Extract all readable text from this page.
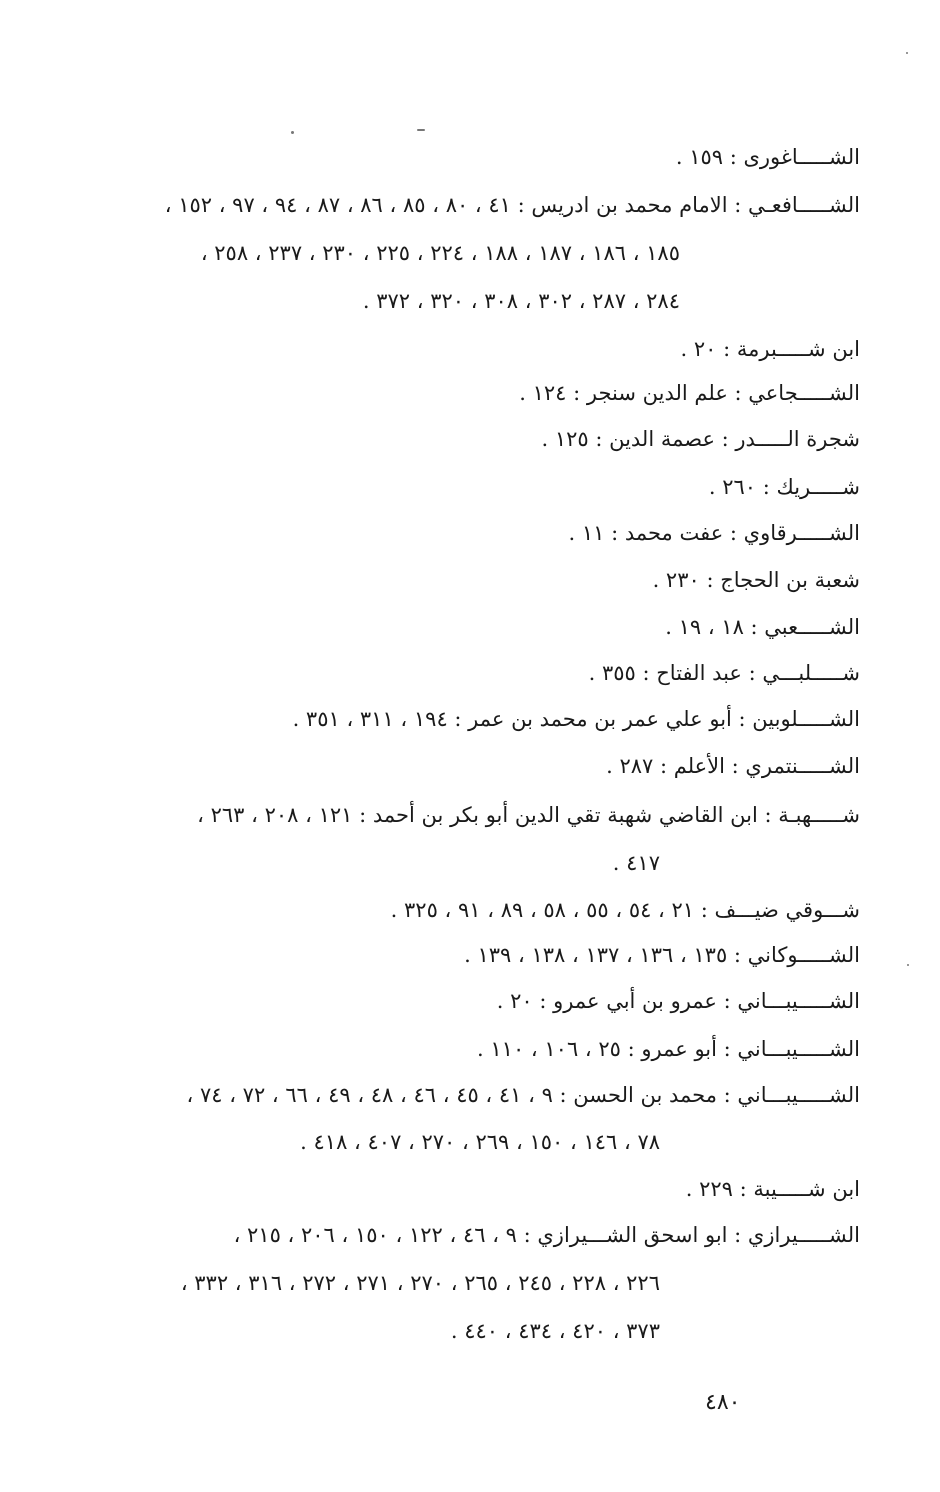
الشـــــاغورى : ١٥٩ .
الشـــــافعـي : الامام محمد بن ادريس : ٤١ ، ٨٠ ، ٨٥ ، ٨٦ ، ٨٧ ، ٩٤ ، ٩٧ ، ١٥٢ ،
١٨٥ ، ١٨٦ ، ١٨٧ ، ١٨٨ ، ٢٢٤ ، ٢٢٥ ، ٢٣٠ ، ٢٣٧ ، ٢٥٨ ،
٢٨٤ ، ٢٨٧ ، ٣٠٢ ، ٣٠٨ ، ٣٢٠ ، ٣٧٢ .
ابن شـــــبرمة : ٢٠ .
الشـــــجاعي : علم الدين سنجر : ١٢٤ .
شجرة الـــــدر : عصمة الدين : ١٢٥ .
شـــــريك : ٢٦٠ .
الشـــــرقاوي : عفت محمد : ١١ .
شعبة بن الحجاج : ٢٣٠ .
الشـــــعبي : ١٨ ، ١٩ .
شـــــلبـــي : عبد الفتاح : ٣٥٥ .
الشـــــلوبين : أبو علي عمر بن محمد بن عمر : ١٩٤ ، ٣١١ ، ٣٥١ .
الشـــــنتمري : الأعلم : ٢٨٧ .
شـــــهبـة : ابن القاضي شهبة تقي الدين أبو بكر بن أحمد : ١٢١ ، ٢٠٨ ، ٢٦٣ ،
٤١٧ .
شـــوقي ضيـــف : ٢١ ، ٥٤ ، ٥٥ ، ٥٨ ، ٨٩ ، ٩١ ، ٣٢٥ .
الشـــــوكاني : ١٣٥ ، ١٣٦ ، ١٣٧ ، ١٣٨ ، ١٣٩ .
الشـــــيبـــاني : عمرو بن أبي عمرو : ٢٠ .
الشـــــيبـــاني : أبو عمرو : ٢٥ ، ١٠٦ ، ١١٠ .
الشـــــيبـــاني : محمد بن الحسن : ٩ ، ٤١ ، ٤٥ ، ٤٦ ، ٤٨ ، ٤٩ ، ٦٦ ، ٧٢ ، ٧٤ ،
٧٨ ، ١٤٦ ، ١٥٠ ، ٢٦٩ ، ٢٧٠ ، ٤٠٧ ، ٤١٨ .
ابن شـــــيبة : ٢٢٩ .
الشـــــيرازي : ابو اسحق الشـــيرازي : ٩ ، ٤٦ ، ١٢٢ ، ١٥٠ ، ٢٠٦ ، ٢١٥ ،
٢٢٦ ، ٢٢٨ ، ٢٤٥ ، ٢٦٥ ، ٢٧٠ ، ٢٧١ ، ٢٧٢ ، ٣١٦ ، ٣٣٢ ،
٣٧٣ ، ٤٢٠ ، ٤٣٤ ، ٤٤٠ .
٤٨٠
